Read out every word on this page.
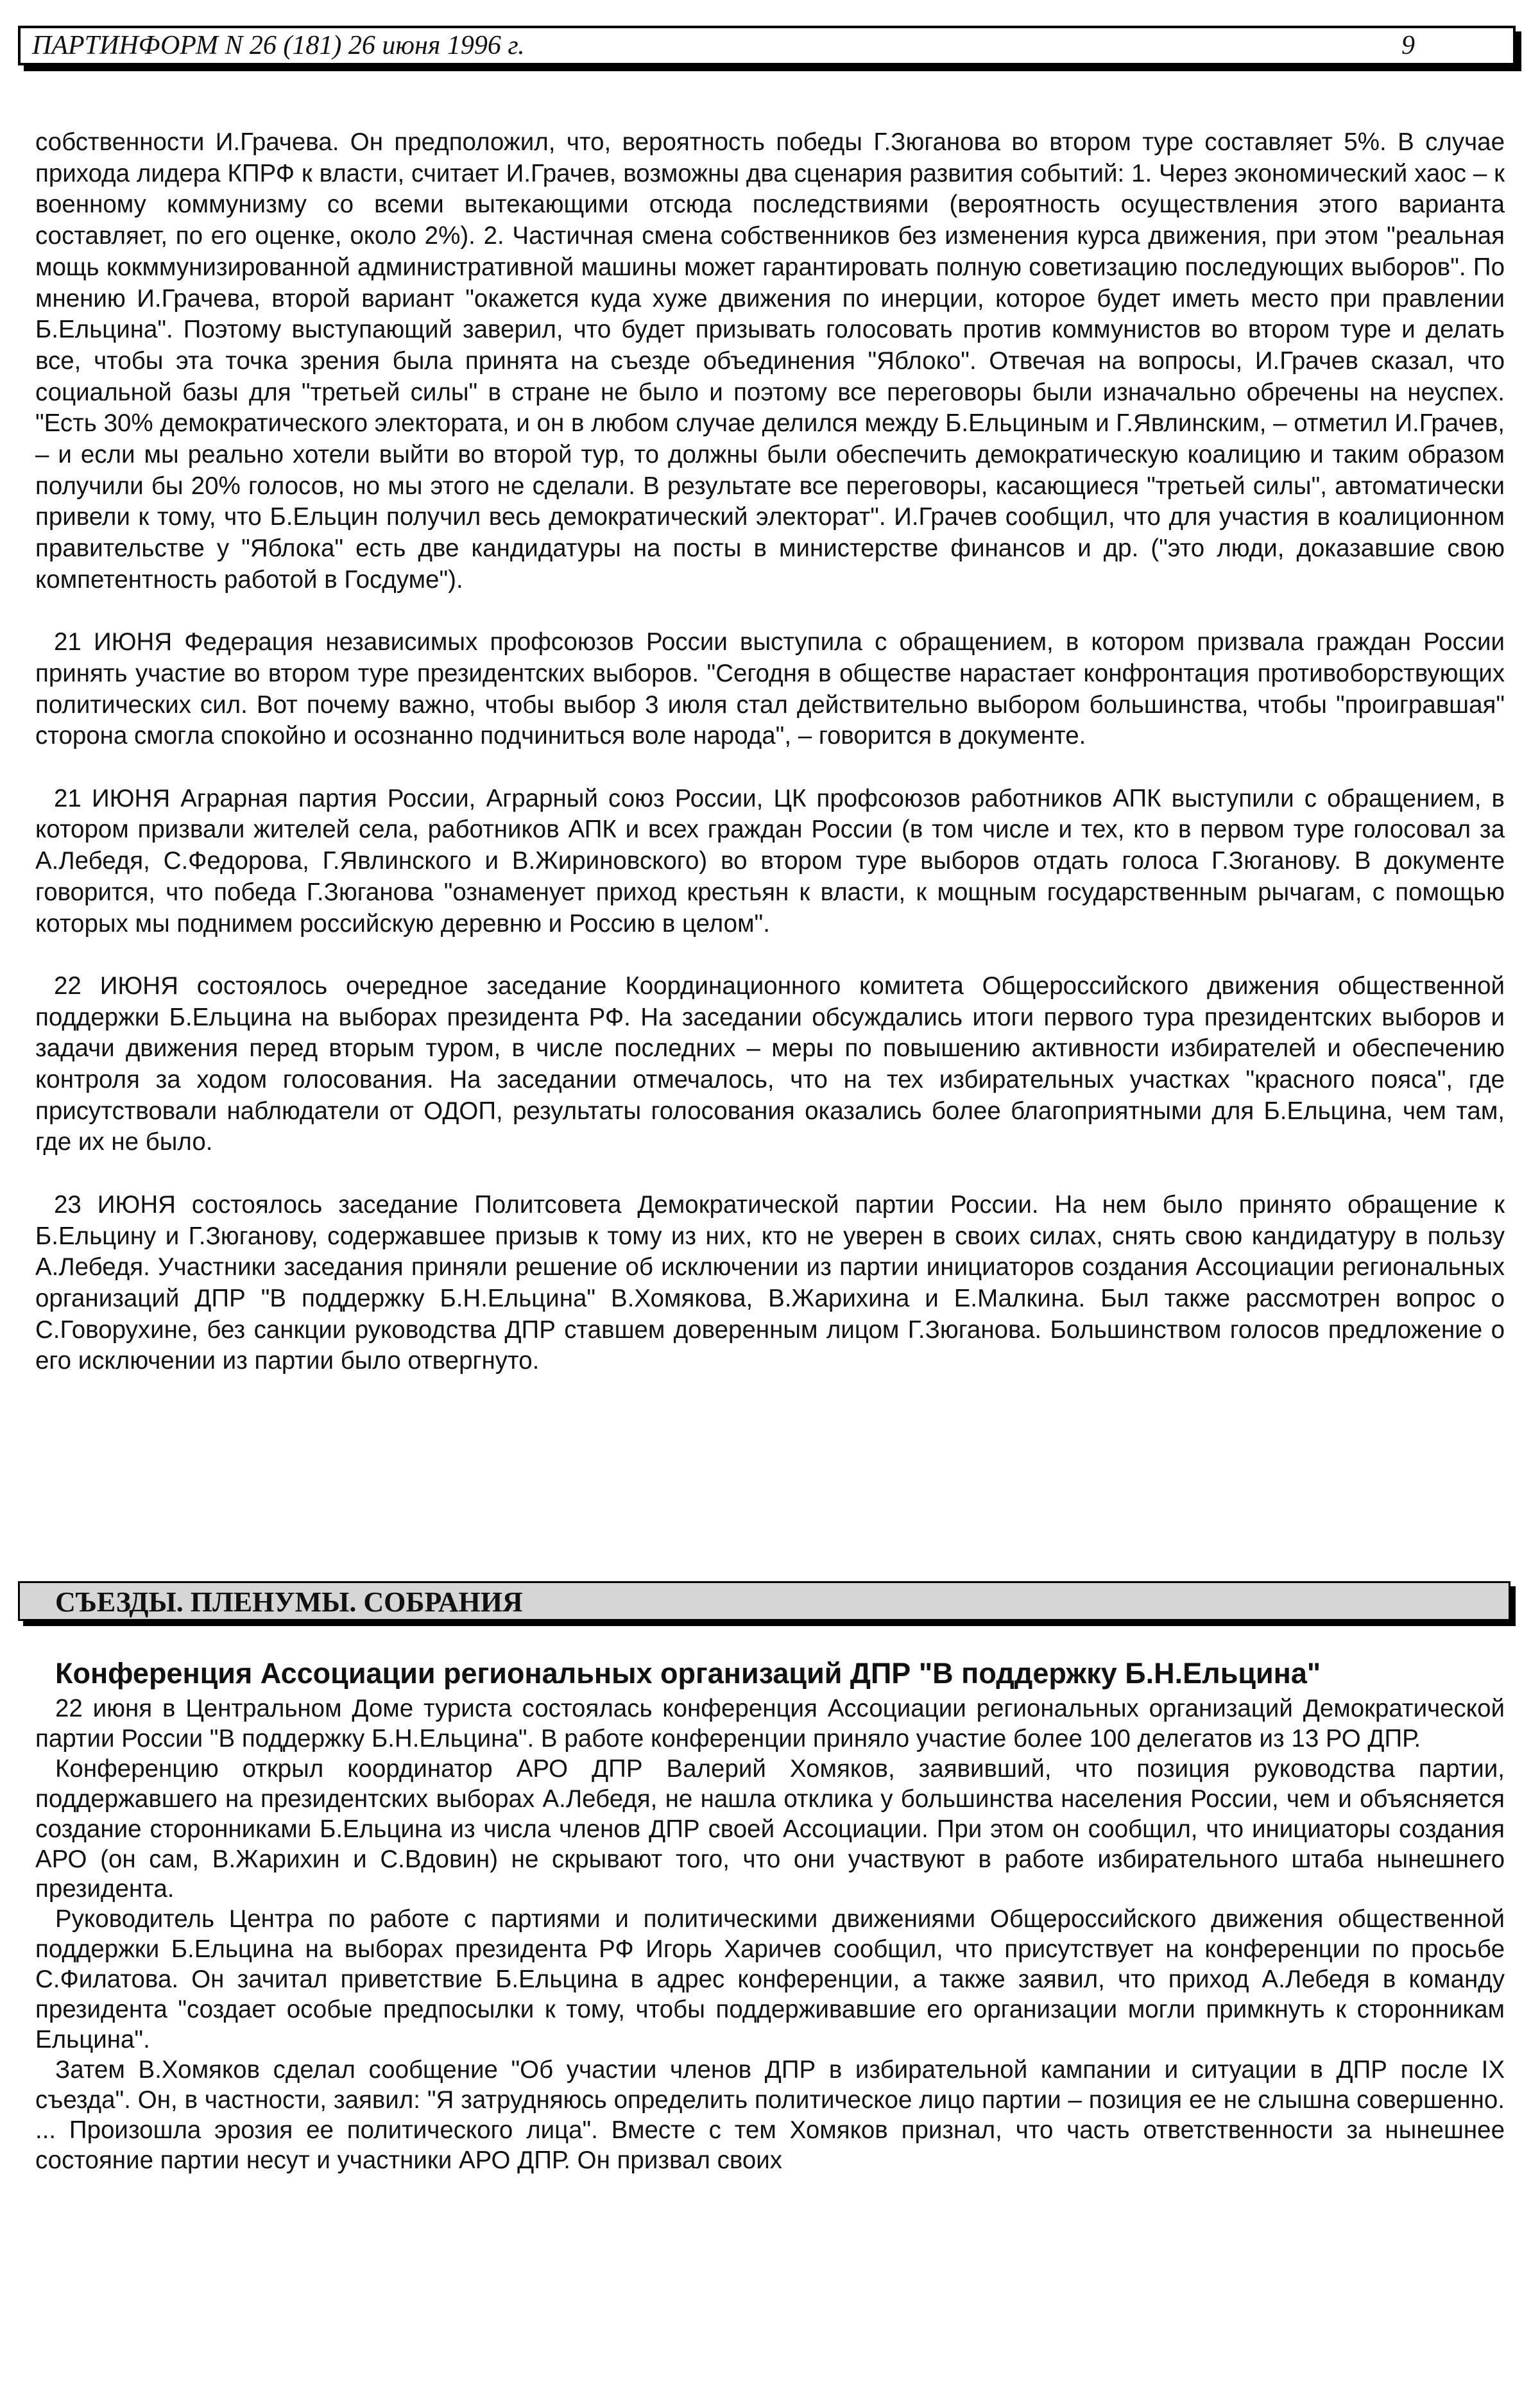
ПАРТИНФОРМ N 26 (181) 26 июня 1996 г.	9

собственности И.Грачева. Он предположил, что, вероятность победы Г.Зюганова во втором туре составляет 5%. В случае прихода лидера КПРФ к власти, считает И.Грачев, возможны два сценария развития событий: 1. Через экономический хаос – к военному коммунизму со всеми вытекающими отсюда последствиями (вероятность осуществления этого варианта составляет, по его оценке, около 2%). 2. Частичная смена собственников без изменения курса движения, при этом "реальная мощь кокммунизированной административной машины может гарантировать полную советизацию последующих выборов". По мнению И.Грачева, второй вариант "окажется куда хуже движения по инерции, которое будет иметь место при правлении Б.Ельцина". Поэтому выступающий заверил, что будет призывать голосовать против коммунистов во втором туре и делать все, чтобы эта точка зрения была принята на съезде объединения "Яблоко". Отвечая на вопросы, И.Грачев сказал, что социальной базы для "третьей силы" в стране не было и поэтому все переговоры были изначально обречены на неуспех. "Есть 30% демократического электората, и он в любом случае делился между Б.Ельциным и Г.Явлинским, – отметил И.Грачев, – и если мы реально хотели выйти во второй тур, то должны были обеспечить демократическую коалицию и таким образом получили бы 20% голосов, но мы этого не сделали. В результате все переговоры, касающиеся "третьей силы", автоматически привели к тому, что Б.Ельцин получил весь демократический электорат". И.Грачев сообщил, что для участия в коалиционном правительстве у "Яблока" есть две кандидатуры на посты в министерстве финансов и др. ("это люди, доказавшие свою компетентность работой в Госдуме").

21 ИЮНЯ Федерация независимых профсоюзов России выступила с обращением, в котором призвала граждан России принять участие во втором туре президентских выборов. "Сегодня в обществе нарастает конфронтация противоборствующих политических сил. Вот почему важно, чтобы выбор 3 июля стал действительно выбором большинства, чтобы "проигравшая" сторона смогла спокойно и осознанно подчиниться воле народа", – говорится в документе.

21 ИЮНЯ Аграрная партия России, Аграрный союз России, ЦК профсоюзов работников АПК выступили с обращением, в котором призвали жителей села, работников АПК и всех граждан России (в том числе и тех, кто в первом туре голосовал за А.Лебедя, С.Федорова, Г.Явлинского и В.Жириновского) во втором туре выборов отдать голоса Г.Зюганову. В документе говорится, что победа Г.Зюганова "ознаменует приход крестьян к власти, к мощным государственным рычагам, с помощью которых мы поднимем российскую деревню и Россию в целом".

22 ИЮНЯ состоялось очередное заседание Координационного комитета Общероссийского движения общественной поддержки Б.Ельцина на выборах президента РФ. На заседании обсуждались итоги первого тура президентских выборов и задачи движения перед вторым туром, в числе последних – меры по повышению активности избирателей и обеспечению контроля за ходом голосования. На заседании отмечалось, что на тех избирательных участках "красного пояса", где присутствовали наблюдатели от ОДОП, результаты голосования оказались более благоприятными для Б.Ельцина, чем там, где их не было.

23 ИЮНЯ состоялось заседание Политсовета Демократической партии России. На нем было принято обращение к Б.Ельцину и Г.Зюганову, содержавшее призыв к тому из них, кто не уверен в своих силах, снять свою кандидатуру в пользу А.Лебедя. Участники заседания приняли решение об исключении из партии инициаторов создания Ассоциации региональных организаций ДПР "В поддержку Б.Н.Ельцина" В.Хомякова, В.Жарихина и Е.Малкина. Был также рассмотрен вопрос о С.Говорухине, без санкции руководства ДПР ставшем доверенным лицом Г.Зюганова. Большинством голосов предложение о его исключении из партии было отвергнуто.

СЪЕЗДЫ. ПЛЕНУМЫ. СОБРАНИЯ
Конференция Ассоциации региональных организаций ДПР "В поддержку Б.Н.Ельцина"

22 июня в Центральном Доме туриста состоялась конференция Ассоциации региональных организаций Демократической партии России "В поддержку Б.Н.Ельцина". В работе конференции приняло участие более 100 делегатов из 13 РО ДПР.

Конференцию открыл координатор АРО ДПР Валерий Хомяков, заявивший, что позиция руководства партии, поддержавшего на президентских выборах А.Лебедя, не нашла отклика у большинства населения России, чем и объясняется создание сторонниками Б.Ельцина из числа членов ДПР своей Ассоциации. При этом он сообщил, что инициаторы создания АРО (он сам, В.Жарихин и С.Вдовин) не скрывают того, что они участвуют в работе избирательного штаба нынешнего президента.

Руководитель Центра по работе с партиями и политическими движениями Общероссийского движения общественной поддержки Б.Ельцина на выборах президента РФ Игорь Харичев сообщил, что присутствует на конференции по просьбе С.Филатова. Он зачитал приветствие Б.Ельцина в адрес конференции, а также заявил, что приход А.Лебедя в команду президента "создает особые предпосылки к тому, чтобы поддерживавшие его организации могли примкнуть к сторонникам Ельцина".

Затем В.Хомяков сделал сообщение "Об участии членов ДПР в избирательной кампании и ситуации в ДПР после IX съезда". Он, в частности, заявил: "Я затрудняюсь определить политическое лицо партии – позиция ее не слышна совершенно. ... Произошла эрозия ее политического лица". Вместе с тем Хомяков признал, что часть ответственности за нынешнее состояние партии несут и участники АРО ДПР. Он призвал своих
